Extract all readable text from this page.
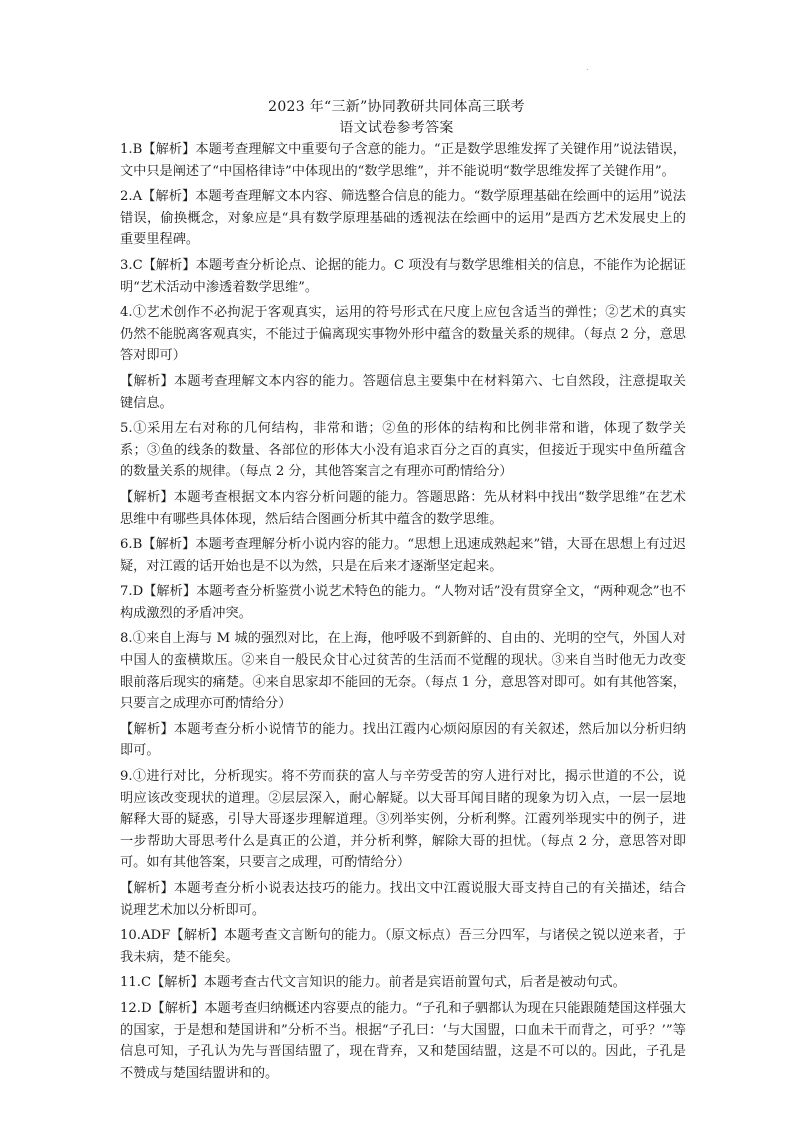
.
2023 年“三新”协同教研共同体高三联考
语文试卷参考答案

1.B【解析】本题考查理解文中重要句子含意的能力。“正是数学思维发挥了关键作用”说法错误，文中只是阐述了“中国格律诗”中体现出的“数学思维”，并不能说明“数学思维发挥了关键作用”。

2.A【解析】本题考查理解文本内容、筛选整合信息的能力。“数学原理基础在绘画中的运用”说法错误，偷换概念，对象应是“具有数学原理基础的透视法在绘画中的运用”是西方艺术发展史上的重要里程碑。

3.C【解析】本题考查分析论点、论据的能力。C 项没有与数学思维相关的信息，不能作为论据证明“艺术活动中渗透着数学思维”。

4.①艺术创作不必拘泥于客观真实，运用的符号形式在尺度上应包含适当的弹性；②艺术的真实仍然不能脱离客观真实，不能过于偏离现实事物外形中蕴含的数量关系的规律。（每点 2 分，意思答对即可）

【解析】本题考查理解文本内容的能力。答题信息主要集中在材料第六、七自然段，注意提取关键信息。

5.①采用左右对称的几何结构，非常和谐；②鱼的形体的结构和比例非常和谐，体现了数学关系；③鱼的线条的数量、各部位的形体大小没有追求百分之百的真实，但接近于现实中鱼所蕴含的数量关系的规律。（每点 2 分，其他答案言之有理亦可酌情给分）

【解析】本题考查根据文本内容分析问题的能力。答题思路：先从材料中找出“数学思维”在艺术思维中有哪些具体体现，然后结合图画分析其中蕴含的数学思维。

6.B【解析】本题考查理解分析小说内容的能力。“思想上迅速成熟起来”错，大哥在思想上有过迟疑，对江霞的话开始也是不以为然，只是在后来才逐渐坚定起来。

7.D【解析】本题考查分析鉴赏小说艺术特色的能力。“人物对话”没有贯穿全文，“两种观念”也不构成激烈的矛盾冲突。

8.①来自上海与 M 城的强烈对比，在上海，他呼吸不到新鲜的、自由的、光明的空气，外国人对中国人的蛮横欺压。②来自一般民众甘心过贫苦的生活而不觉醒的现状。③来自当时他无力改变眼前落后现实的痛楚。④来自思家却不能回的无奈。（每点 1 分，意思答对即可。如有其他答案，只要言之成理亦可酌情给分）

【解析】本题考查分析小说情节的能力。找出江霞内心烦闷原因的有关叙述，然后加以分析归纳即可。

9.①进行对比，分析现实。将不劳而获的富人与辛劳受苦的穷人进行对比，揭示世道的不公，说明应该改变现状的道理。②层层深入，耐心解疑。以大哥耳闻目睹的现象为切入点，一层一层地解释大哥的疑惑，引导大哥逐步理解道理。③列举实例，分析利弊。江霞列举现实中的例子，进一步帮助大哥思考什么是真正的公道，并分析利弊，解除大哥的担忧。（每点 2 分，意思答对即可。如有其他答案，只要言之成理，可酌情给分）

【解析】本题考查分析小说表达技巧的能力。找出文中江霞说服大哥支持自己的有关描述，结合说理艺术加以分析即可。

10.ADF【解析】本题考查文言断句的能力。（原文标点）吾三分四军，与诸侯之锐以逆来者，于我未病，楚不能矣。

11.C【解析】本题考查古代文言知识的能力。前者是宾语前置句式，后者是被动句式。

12.D【解析】本题考查归纳概述内容要点的能力。“子孔和子驷都认为现在只能跟随楚国这样强大的国家，于是想和楚国讲和”分析不当。根据“子孔曰：‘与大国盟，口血未干而背之，可乎？’”等信息可知，子孔认为先与晋国结盟了，现在背弃，又和楚国结盟，这是不可以的。因此，子孔是不赞成与楚国结盟讲和的。
